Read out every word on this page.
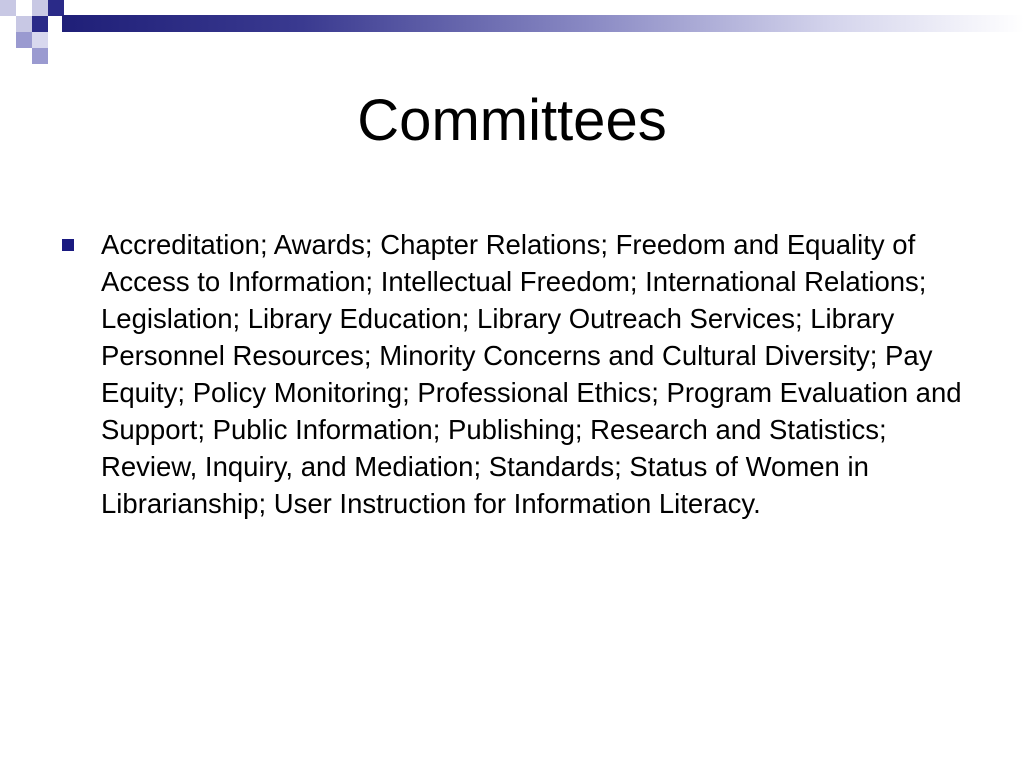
Committees
Accreditation; Awards; Chapter Relations; Freedom and Equality of Access to Information; Intellectual Freedom; International Relations; Legislation; Library Education; Library Outreach Services; Library Personnel Resources; Minority Concerns and Cultural Diversity; Pay Equity; Policy Monitoring; Professional Ethics; Program Evaluation and Support; Public Information; Publishing; Research and Statistics; Review, Inquiry, and Mediation; Standards; Status of Women in Librarianship; User Instruction for Information Literacy.
